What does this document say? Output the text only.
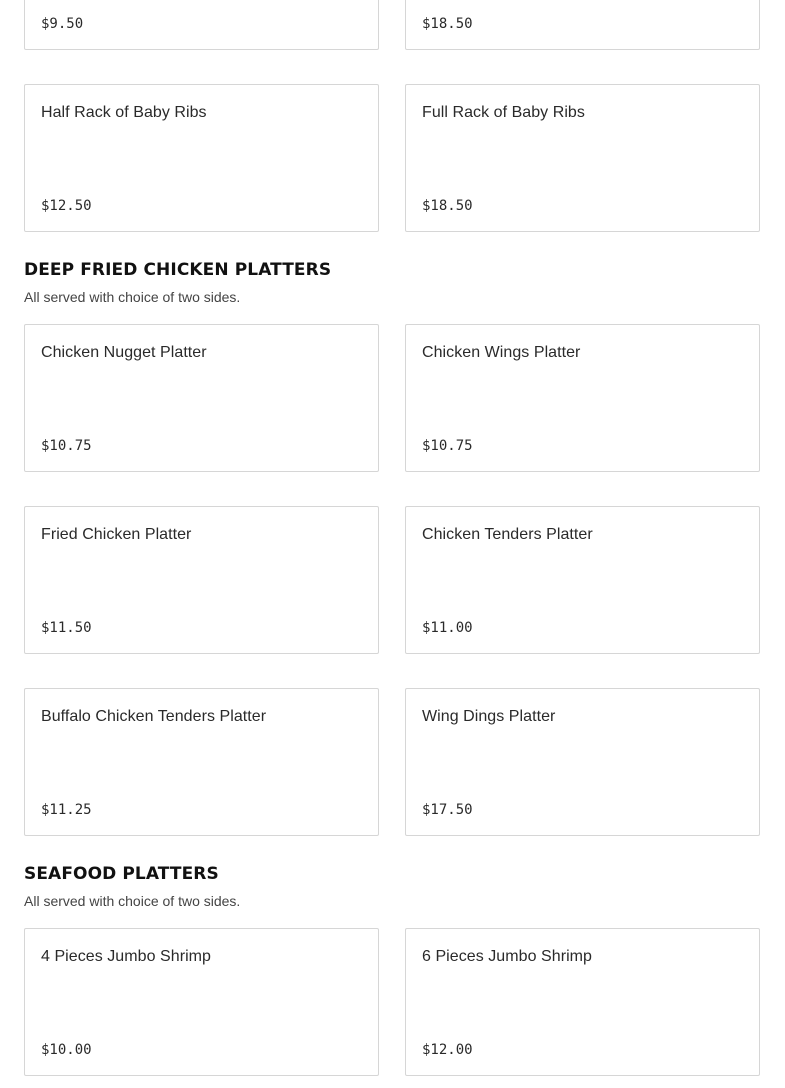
$9.50	$18.50
Half Rack of Baby Ribs
$12.50
Full Rack of Baby Ribs
$18.50
DEEP FRIED CHICKEN PLATTERS

All served with choice of two sides.

Chicken Nugget Platter
$10.75
Chicken Wings Platter
$10.75
Fried Chicken Platter
$11.50
Chicken Tenders Platter
$11.00
Buffalo Chicken Tenders Platter
$11.25
Wing Dings Platter
$17.50
SEAFOOD PLATTERS

All served with choice of two sides.

4 Pieces Jumbo Shrimp
$10.00
6 Pieces Jumbo Shrimp
$12.00
